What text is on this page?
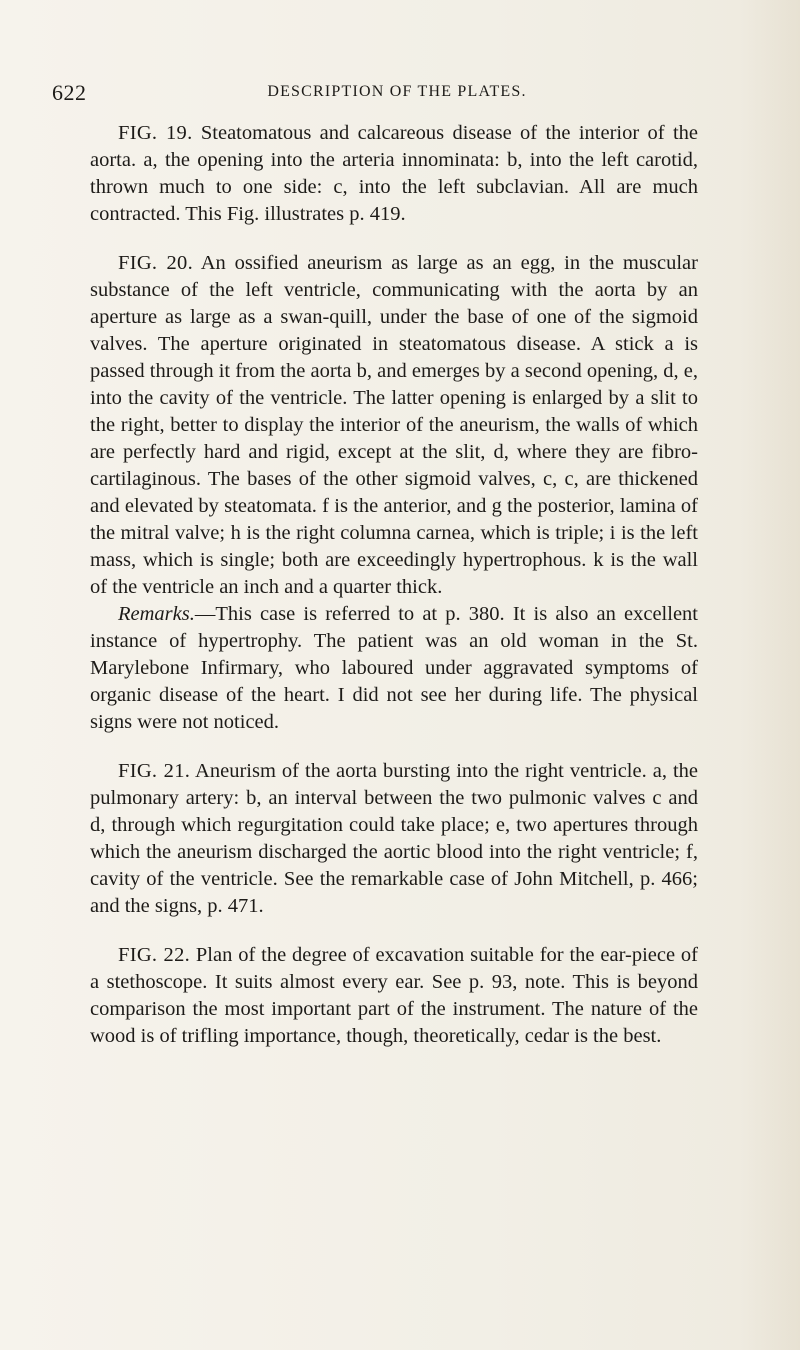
622	DESCRIPTION OF THE PLATES.

FIG. 19. Steatomatous and calcareous disease of the interior of the aorta. a, the opening into the arteria innominata: b, into the left carotid, thrown much to one side: c, into the left subclavian. All are much contracted. This Fig. illustrates p. 419.

FIG. 20. An ossified aneurism as large as an egg, in the muscular substance of the left ventricle, communicating with the aorta by an aperture as large as a swan-quill, under the base of one of the sigmoid valves. The aperture originated in steatomatous disease. A stick a is passed through it from the aorta b, and emerges by a second opening, d, e, into the cavity of the ventricle. The latter opening is enlarged by a slit to the right, better to display the interior of the aneurism, the walls of which are perfectly hard and rigid, except at the slit, d, where they are fibro-cartilaginous. The bases of the other sigmoid valves, c, c, are thickened and elevated by steatomata. f is the anterior, and g the posterior, lamina of the mitral valve; h is the right columna carnea, which is triple; i is the left mass, which is single; both are exceedingly hypertrophous. k is the wall of the ventricle an inch and a quarter thick.

Remarks.—This case is referred to at p. 380. It is also an excellent instance of hypertrophy. The patient was an old woman in the St. Marylebone Infirmary, who laboured under aggravated symptoms of organic disease of the heart. I did not see her during life. The physical signs were not noticed.

FIG. 21. Aneurism of the aorta bursting into the right ventricle. a, the pulmonary artery: b, an interval between the two pulmonic valves c and d, through which regurgitation could take place; e, two apertures through which the aneurism discharged the aortic blood into the right ventricle; f, cavity of the ventricle. See the remarkable case of John Mitchell, p. 466; and the signs, p. 471.

FIG. 22. Plan of the degree of excavation suitable for the ear-piece of a stethoscope. It suits almost every ear. See p. 93, note. This is beyond comparison the most important part of the instrument. The nature of the wood is of trifling importance, though, theoretically, cedar is the best.
